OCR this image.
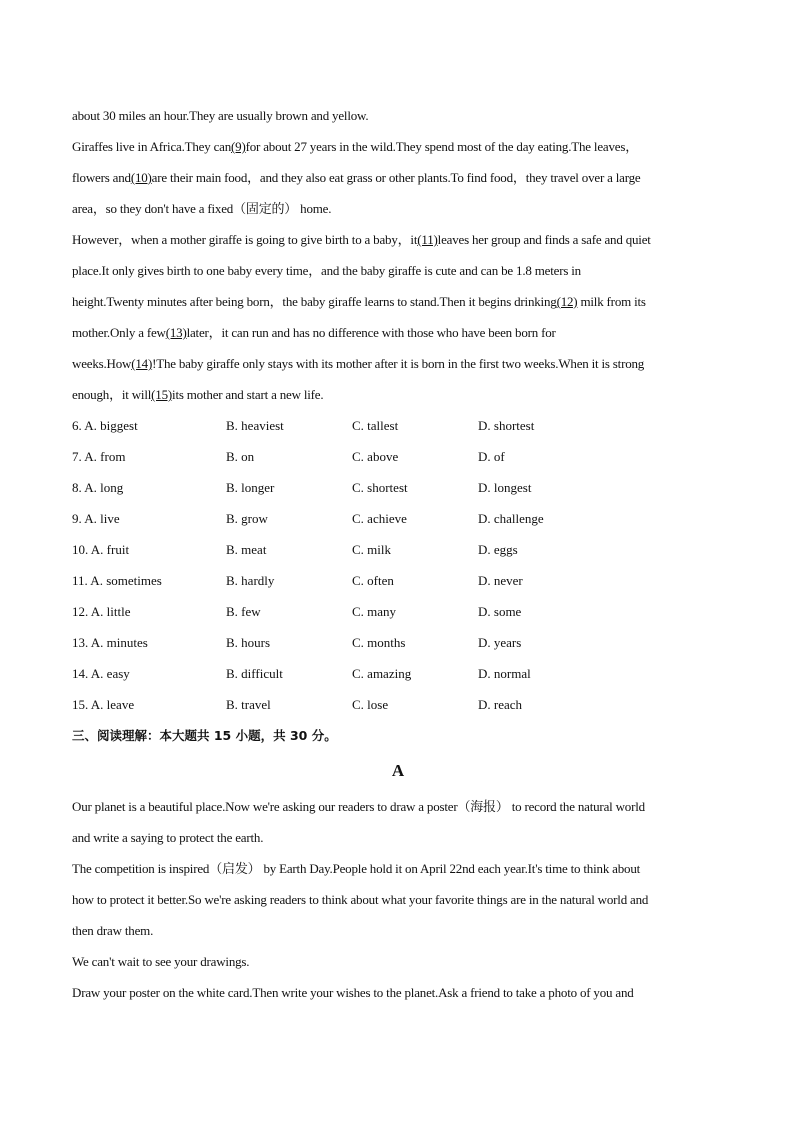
about 30 miles an hour.They are usually brown and yellow.
Giraffes live in Africa.They can(9)for about 27 years in the wild.They spend most of the day eating.The leaves，
flowers and(10)are their main food，and they also eat grass or other plants.To find food，they travel over a large
area，so they don't have a fixed（固定的） home.
However，when a mother giraffe is going to give birth to a baby，it(11)leaves her group and finds a safe and quiet
place.It only gives birth to one baby every time，and the baby giraffe is cute and can be 1.8 meters in
height.Twenty minutes after being born，the baby giraffe learns to stand.Then it begins drinking(12) milk from its
mother.Only a few(13)later，it can run and has no difference with those who have been born for
weeks.How(14)!The baby giraffe only stays with its mother after it is born in the first two weeks.When it is strong
enough，it will(15)its mother and start a new life.
6. A. biggest	B. heaviest	C. tallest	D. shortest
7. A. from	B. on	C. above	D. of
8. A. long	B. longer	C. shortest	D. longest
9. A. live	B. grow	C. achieve	D. challenge
10. A. fruit	B. meat	C. milk	D. eggs
11. A. sometimes	B. hardly	C. often	D. never
12. A. little	B. few	C. many	D. some
13. A. minutes	B. hours	C. months	D. years
14. A. easy	B. difficult	C. amazing	D. normal
15. A. leave	B. travel	C. lose	D. reach
三、阅读理解：本大题共 15 小题，共 30 分。
A
Our planet is a beautiful place.Now we're asking our readers to draw a poster（海报） to record the natural world
and write a saying to protect the earth.
The competition is inspired（启发） by Earth Day.People hold it on April 22nd each year.It's time to think about
how to protect it better.So we're asking readers to think about what your favorite things are in the natural world and
then draw them.
We can't wait to see your drawings.
Draw your poster on the white card.Then write your wishes to the planet.Ask a friend to take a photo of you and
